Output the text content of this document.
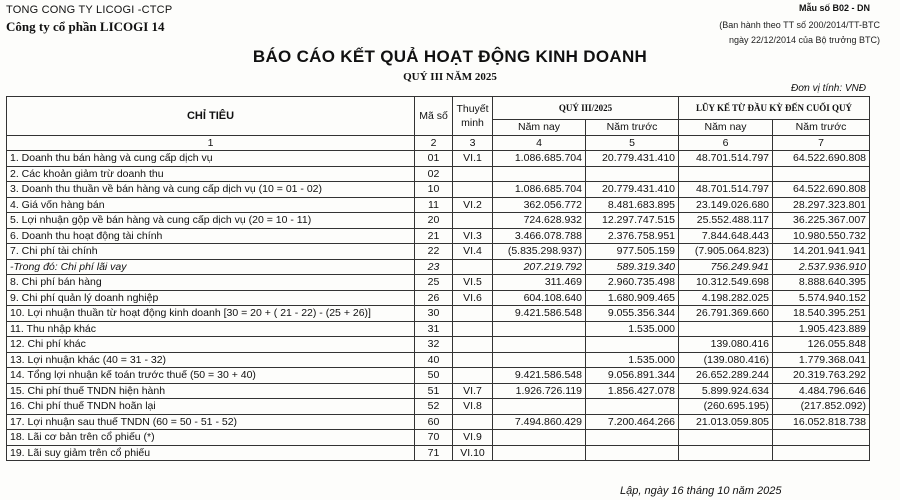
TONG CONG TY LICOGI -CTCP
Công ty cổ phần LICOGI 14
Mẫu số B02 - DN
(Ban hành theo TT số 200/2014/TT-BTC
ngày 22/12/2014 của Bộ trưởng BTC)
BÁO CÁO KẾT QUẢ HOẠT ĐỘNG KINH DOANH
QUÝ III NĂM 2025
Đơn vị tính: VNĐ
CHỈ TIÊU	Mã số	Thuyết minh	QUÝ III/2025		LŨY KẾ TỪ ĐẦU KỲ ĐẾN CUỐI QUÝ	
			Năm nay	Năm trước	Năm nay	Năm trước
1	2	3	4	5	6	7
1. Doanh thu bán hàng và cung cấp dịch vụ	01	VI.1	1.086.685.704	20.779.431.410	48.701.514.797	64.522.690.808
2. Các khoản giảm trừ doanh thu	02					
3. Doanh thu thuần về bán hàng và cung cấp dịch vụ (10 = 01 - 02)	10		1.086.685.704	20.779.431.410	48.701.514.797	64.522.690.808
4. Giá vốn hàng bán	11	VI.2	362.056.772	8.481.683.895	23.149.026.680	28.297.323.801
5. Lợi nhuận gộp về bán hàng và cung cấp dịch vụ (20 = 10 - 11)	20		724.628.932	12.297.747.515	25.552.488.117	36.225.367.007
6. Doanh thu hoạt động tài chính	21	VI.3	3.466.078.788	2.376.758.951	7.844.648.443	10.980.550.732
7. Chi phí tài chính	22	VI.4	(5.835.298.937)	977.505.159	(7.905.064.823)	14.201.941.941
-Trong đó: Chi phí lãi vay	23		207.219.792	589.319.340	756.249.941	2.537.936.910
8. Chi phí bán hàng	25	VI.5	311.469	2.960.735.498	10.312.549.698	8.888.640.395
9. Chi phí quản lý doanh nghiệp	26	VI.6	604.108.640	1.680.909.465	4.198.282.025	5.574.940.152
10. Lợi nhuận thuần từ hoạt động kinh doanh [30 = 20 + ( 21 - 22) - (25 + 26)]	30		9.421.586.548	9.055.356.344	26.791.369.660	18.540.395.251
11. Thu nhập khác	31			1.535.000		1.905.423.889
12. Chi phí khác	32				139.080.416	126.055.848
13. Lợi nhuận khác (40 = 31 - 32)	40			1.535.000	(139.080.416)	1.779.368.041
14. Tổng lợi nhuận kế toán trước thuế (50 = 30 + 40)	50		9.421.586.548	9.056.891.344	26.652.289.244	20.319.763.292
15. Chi phí thuế TNDN hiện hành	51	VI.7	1.926.726.119	1.856.427.078	5.899.924.634	4.484.796.646
16. Chi phí thuế TNDN hoãn lại	52	VI.8			(260.695.195)	(217.852.092)
17. Lợi nhuận sau thuế TNDN (60 = 50 - 51 - 52)	60		7.494.860.429	7.200.464.266	21.013.059.805	16.052.818.738
18. Lãi cơ bản trên cổ phiếu (*)	70	VI.9				
19. Lãi suy giảm trên cổ phiếu	71	VI.10				
Lập, ngày 16 tháng 10 năm 2025
